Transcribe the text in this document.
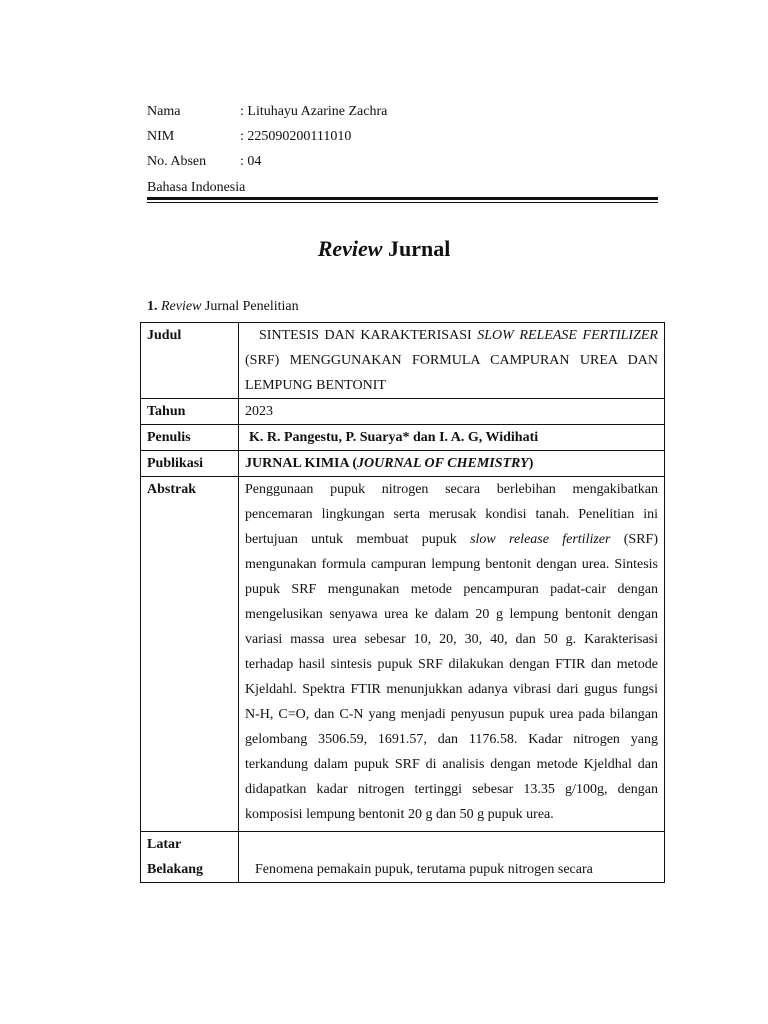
Nama	: Lituhayu Azarine Zachra
NIM	: 225090200111010
No. Absen : 04
Bahasa Indonesia
Review Jurnal
1. Review Jurnal Penelitian
Judul	SINTESIS DAN KARAKTERISASI SLOW RELEASE FERTILIZER (SRF) MENGGUNAKAN FORMULA CAMPURAN UREA DAN LEMPUNG BENTONIT
Tahun	2023
Penulis	K. R. Pangestu, P. Suarya* dan I. A. G, Widihati
Publikasi	JURNAL KIMIA (JOURNAL OF CHEMISTRY)
Abstrak	Penggunaan pupuk nitrogen secara berlebihan mengakibatkan pencemaran lingkungan serta merusak kondisi tanah. Penelitian ini bertujuan untuk membuat pupuk slow release fertilizer (SRF) mengunakan formula campuran lempung bentonit dengan urea. Sintesis pupuk SRF mengunakan metode pencampuran padat-cair dengan mengelusikan senyawa urea ke dalam 20 g lempung bentonit dengan variasi massa urea sebesar 10, 20, 30, 40, dan 50 g. Karakterisasi terhadap hasil sintesis pupuk SRF dilakukan dengan FTIR dan metode Kjeldahl. Spektra FTIR menunjukkan adanya vibrasi dari gugus fungsi N-H, C=O, dan C-N yang menjadi penyusun pupuk urea pada bilangan gelombang 3506.59, 1691.57, dan 1176.58. Kadar nitrogen yang terkandung dalam pupuk SRF di analisis dengan metode Kjeldhal dan didapatkan kadar nitrogen tertinggi sebesar 13.35 g/100g, dengan komposisi lempung bentonit 20 g dan 50 g pupuk urea.

Latar
Belakang	Fenomena pemakain pupuk, terutama pupuk nitrogen secara
